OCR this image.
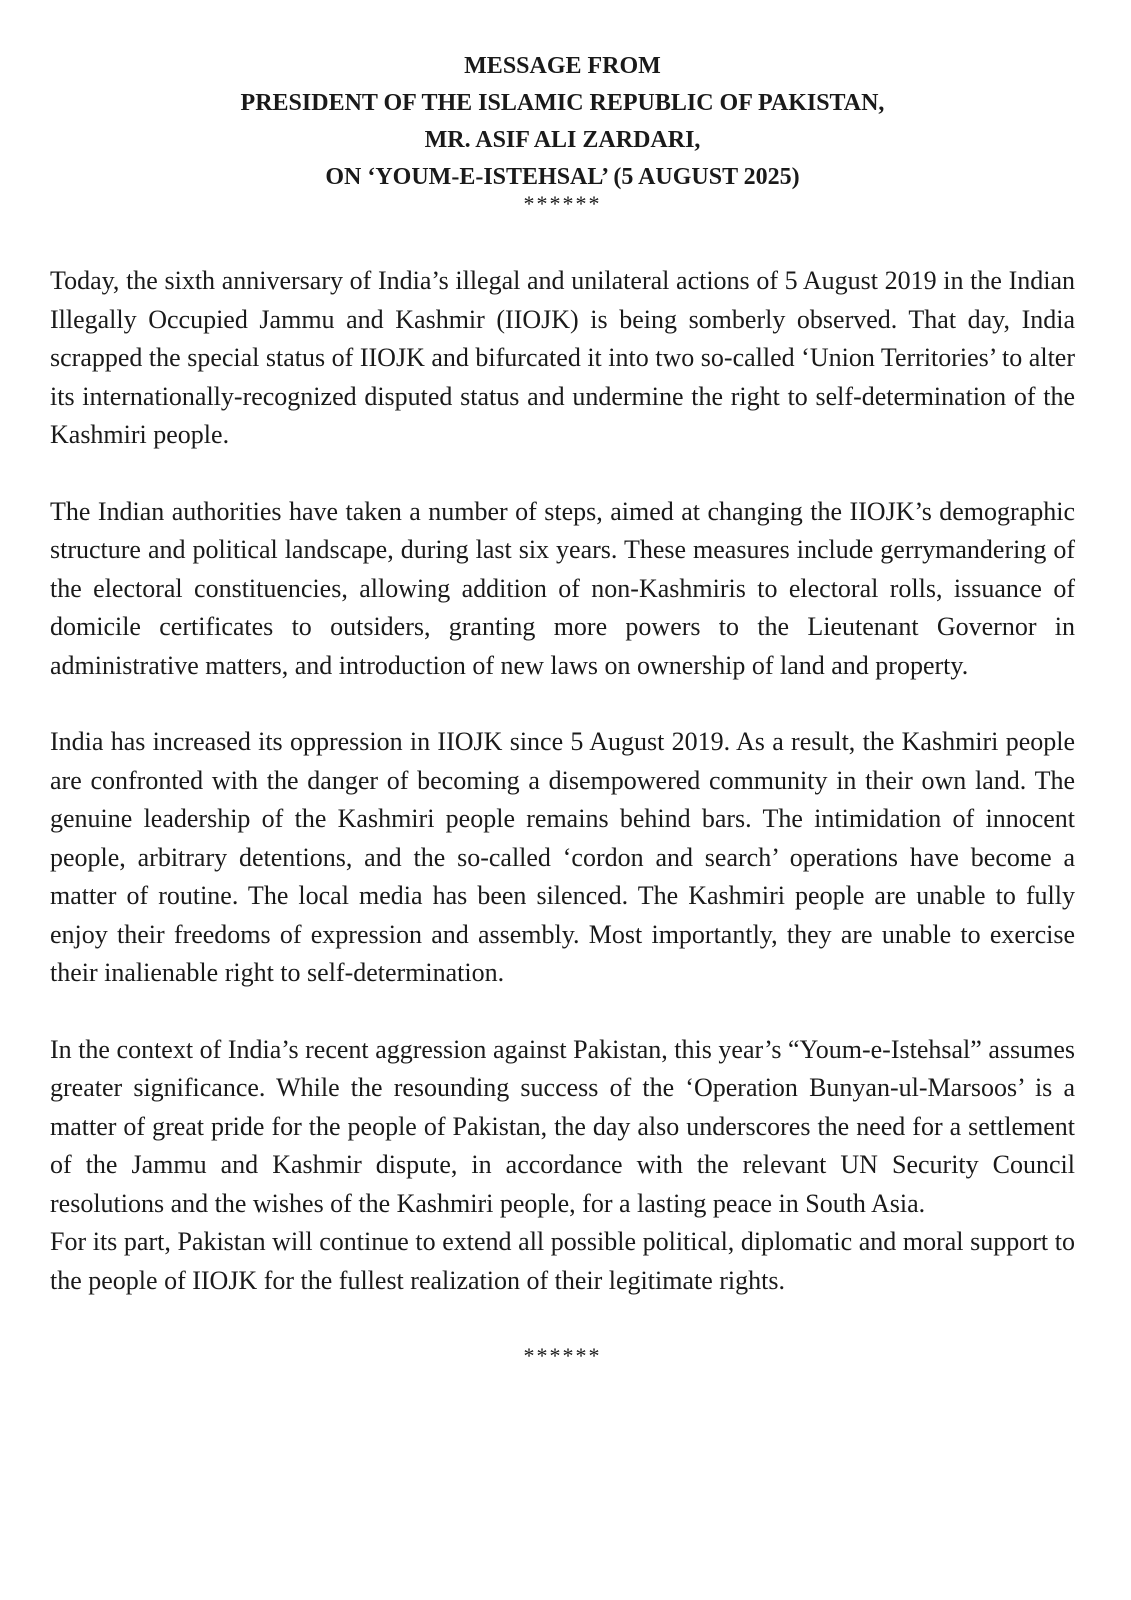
MESSAGE FROM
PRESIDENT OF THE ISLAMIC REPUBLIC OF PAKISTAN,
MR. ASIF ALI ZARDARI,
ON ‘YOUM-E-ISTEHSAL’ (5 AUGUST 2025)
******

Today, the sixth anniversary of India’s illegal and unilateral actions of 5 August 2019 in the Indian Illegally Occupied Jammu and Kashmir (IIOJK) is being somberly observed. That day, India scrapped the special status of IIOJK and bifurcated it into two so-called ‘Union Territories’ to alter its internationally-recognized disputed status and undermine the right to self-determination of the Kashmiri people.

The Indian authorities have taken a number of steps, aimed at changing the IIOJK’s demographic structure and political landscape, during last six years. These measures include gerrymandering of the electoral constituencies, allowing addition of non-Kashmiris to electoral rolls, issuance of domicile certificates to outsiders, granting more powers to the Lieutenant Governor in administrative matters, and introduction of new laws on ownership of land and property.

India has increased its oppression in IIOJK since 5 August 2019. As a result, the Kashmiri people are confronted with the danger of becoming a disempowered community in their own land. The genuine leadership of the Kashmiri people remains behind bars. The intimidation of innocent people, arbitrary detentions, and the so-called ‘cordon and search’ operations have become a matter of routine. The local media has been silenced. The Kashmiri people are unable to fully enjoy their freedoms of expression and assembly. Most importantly, they are unable to exercise their inalienable right to self-determination.

In the context of India’s recent aggression against Pakistan, this year’s “Youm-e-Istehsal” assumes greater significance. While the resounding success of the ‘Operation Bunyan-ul-Marsoos’ is a matter of great pride for the people of Pakistan, the day also underscores the need for a settlement of the Jammu and Kashmir dispute, in accordance with the relevant UN Security Council resolutions and the wishes of the Kashmiri people, for a lasting peace in South Asia.

For its part, Pakistan will continue to extend all possible political, diplomatic and moral support to the people of IIOJK for the fullest realization of their legitimate rights.

******
